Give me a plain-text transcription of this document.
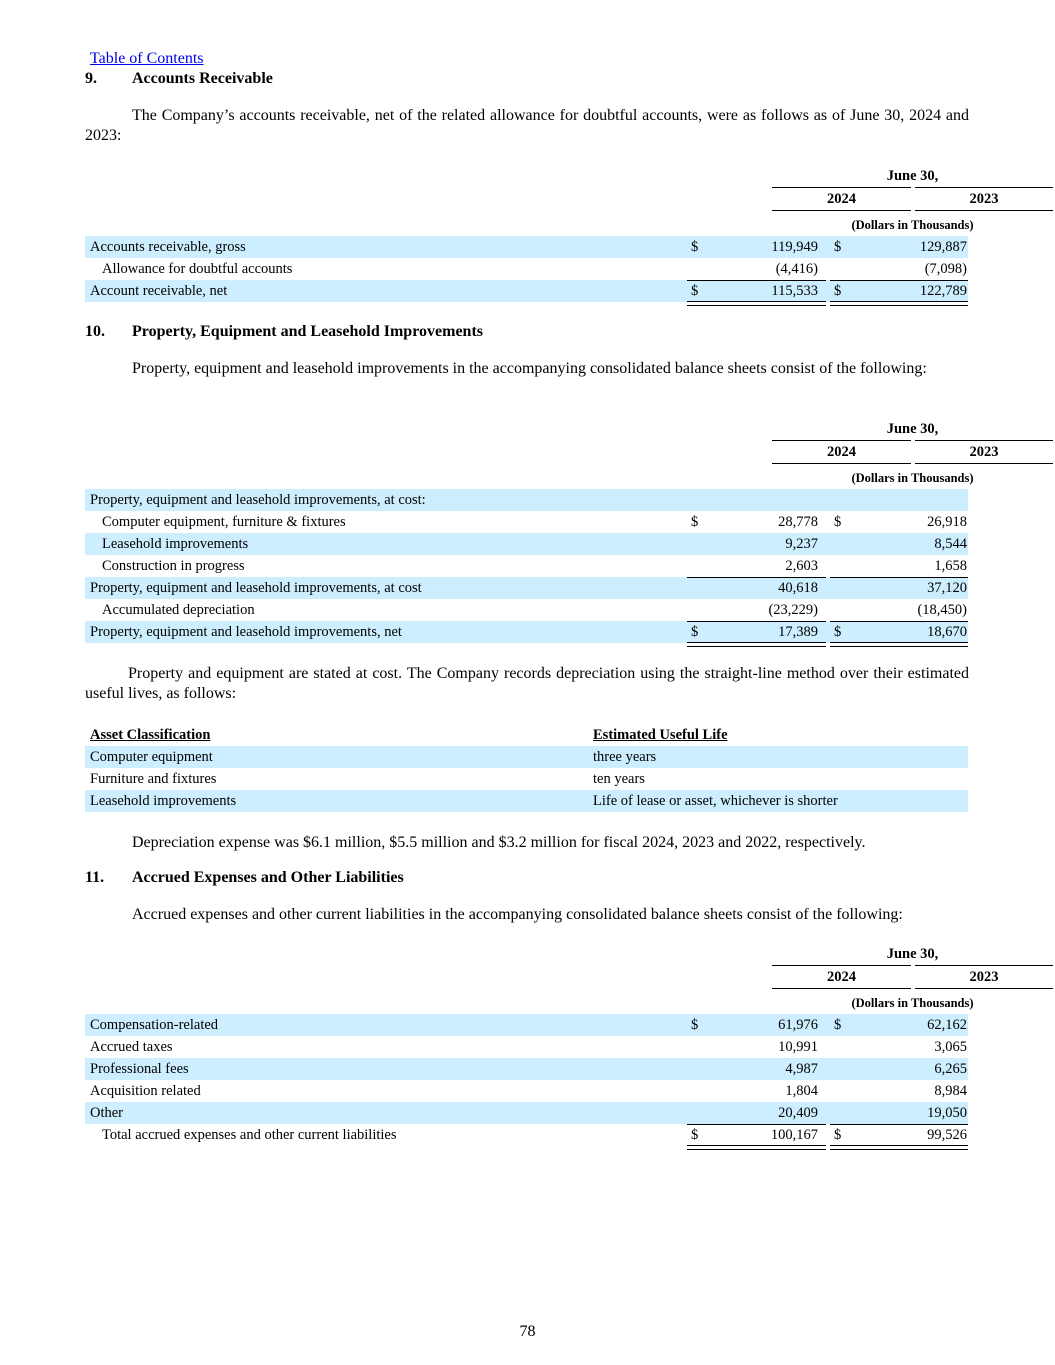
Table of Contents
9. Accounts Receivable
The Company’s accounts receivable, net of the related allowance for doubtful accounts, were as follows as of June 30, 2024 and 2023:
June 30,
2024	2023
(Dollars in Thousands)
Accounts receivable, gross	$	119,949 $	129,887
Allowance for doubtful accounts	(4,416)	(7,098)
Account receivable, net	$	115,533 $	122,789
10. Property, Equipment and Leasehold Improvements
Property, equipment and leasehold improvements in the accompanying consolidated balance sheets consist of the following:
June 30,
2024	2023
(Dollars in Thousands)
Property, equipment and leasehold improvements, at cost:
Computer equipment, furniture & fixtures	$	28,778 $	26,918
Leasehold improvements	9,237	8,544
Construction in progress	2,603	1,658
Property, equipment and leasehold improvements, at cost	40,618	37,120
Accumulated depreciation	(23,229)	(18,450)
Property, equipment and leasehold improvements, net	$	17,389 $	18,670
Property and equipment are stated at cost. The Company records depreciation using the straight-line method over their estimated useful lives, as follows:
Asset Classification	Estimated Useful Life
Computer equipment	three years
Furniture and fixtures	ten years
Leasehold improvements	Life of lease or asset, whichever is shorter
Depreciation expense was $6.1 million, $5.5 million and $3.2 million for fiscal 2024, 2023 and 2022, respectively.
11. Accrued Expenses and Other Liabilities
Accrued expenses and other current liabilities in the accompanying consolidated balance sheets consist of the following:
June 30,
2024	2023
(Dollars in Thousands)
Compensation-related	$	61,976 $	62,162
Accrued taxes	10,991	3,065
Professional fees	4,987	6,265
Acquisition related	1,804	8,984
Other	20,409	19,050
Total accrued expenses and other current liabilities	$	100,167 $	99,526
78
